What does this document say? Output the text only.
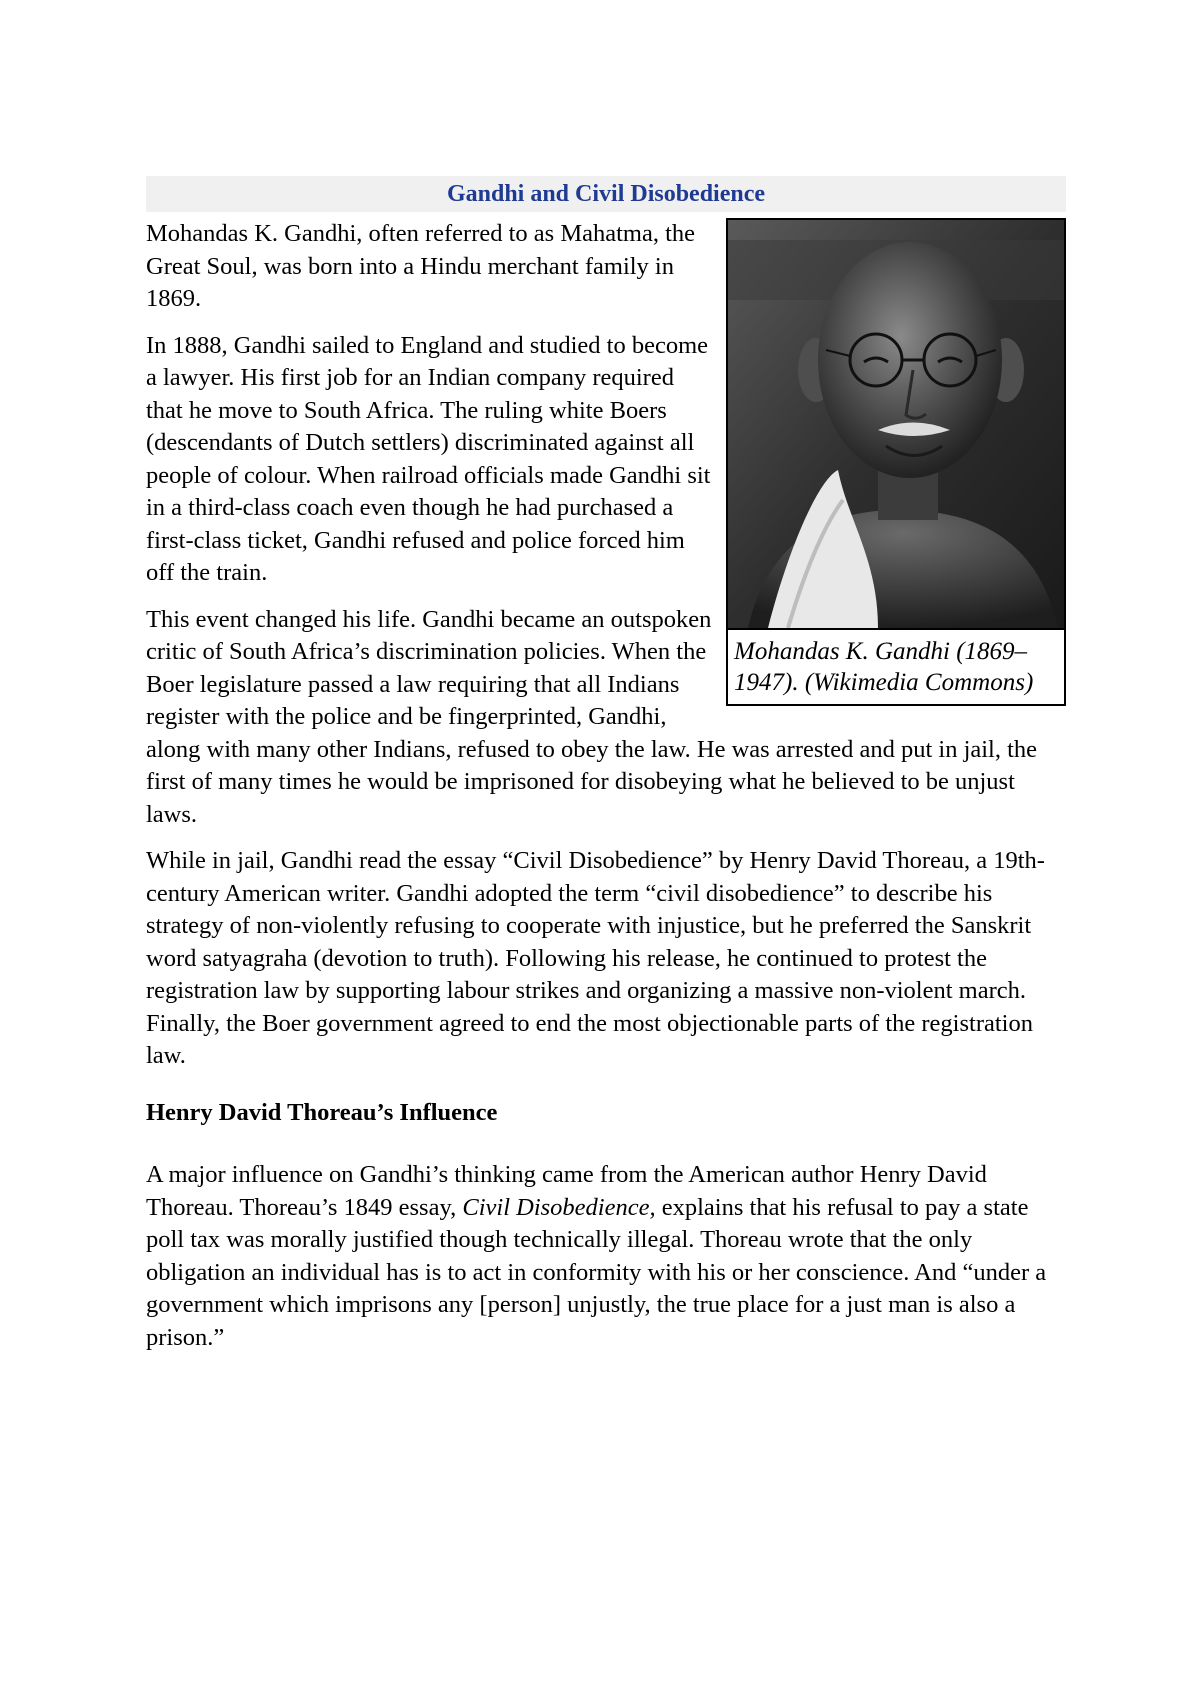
Gandhi and Civil Disobedience
Mohandas K. Gandhi (1869–1947). (Wikimedia Commons)

Mohandas K. Gandhi, often referred to as Mahatma, the Great Soul, was born into a Hindu merchant family in 1869.

In 1888, Gandhi sailed to England and studied to become a lawyer. His first job for an Indian company required that he move to South Africa. The ruling white Boers (descendants of Dutch settlers) discriminated against all people of colour. When railroad officials made Gandhi sit in a third-class coach even though he had purchased a first-class ticket, Gandhi refused and police forced him off the train.

This event changed his life. Gandhi became an outspoken critic of South Africa’s discrimination policies. When the Boer legislature passed a law requiring that all Indians register with the police and be fingerprinted, Gandhi, along with many other Indians, refused to obey the law. He was arrested and put in jail, the first of many times he would be imprisoned for disobeying what he believed to be unjust laws.

While in jail, Gandhi read the essay “Civil Disobedience” by Henry David Thoreau, a 19th-century American writer. Gandhi adopted the term “civil disobedience” to describe his strategy of non-violently refusing to cooperate with injustice, but he preferred the Sanskrit word satyagraha (devotion to truth). Following his release, he continued to protest the registration law by supporting labour strikes and organizing a massive non-violent march. Finally, the Boer government agreed to end the most objectionable parts of the registration law.

Henry David Thoreau’s Influence

A major influence on Gandhi’s thinking came from the American author Henry David Thoreau. Thoreau’s 1849 essay, Civil Disobedience, explains that his refusal to pay a state poll tax was morally justified though technically illegal. Thoreau wrote that the only obligation an individual has is to act in conformity with his or her conscience. And “under a government which imprisons any [person] unjustly, the true place for a just man is also a prison.”
